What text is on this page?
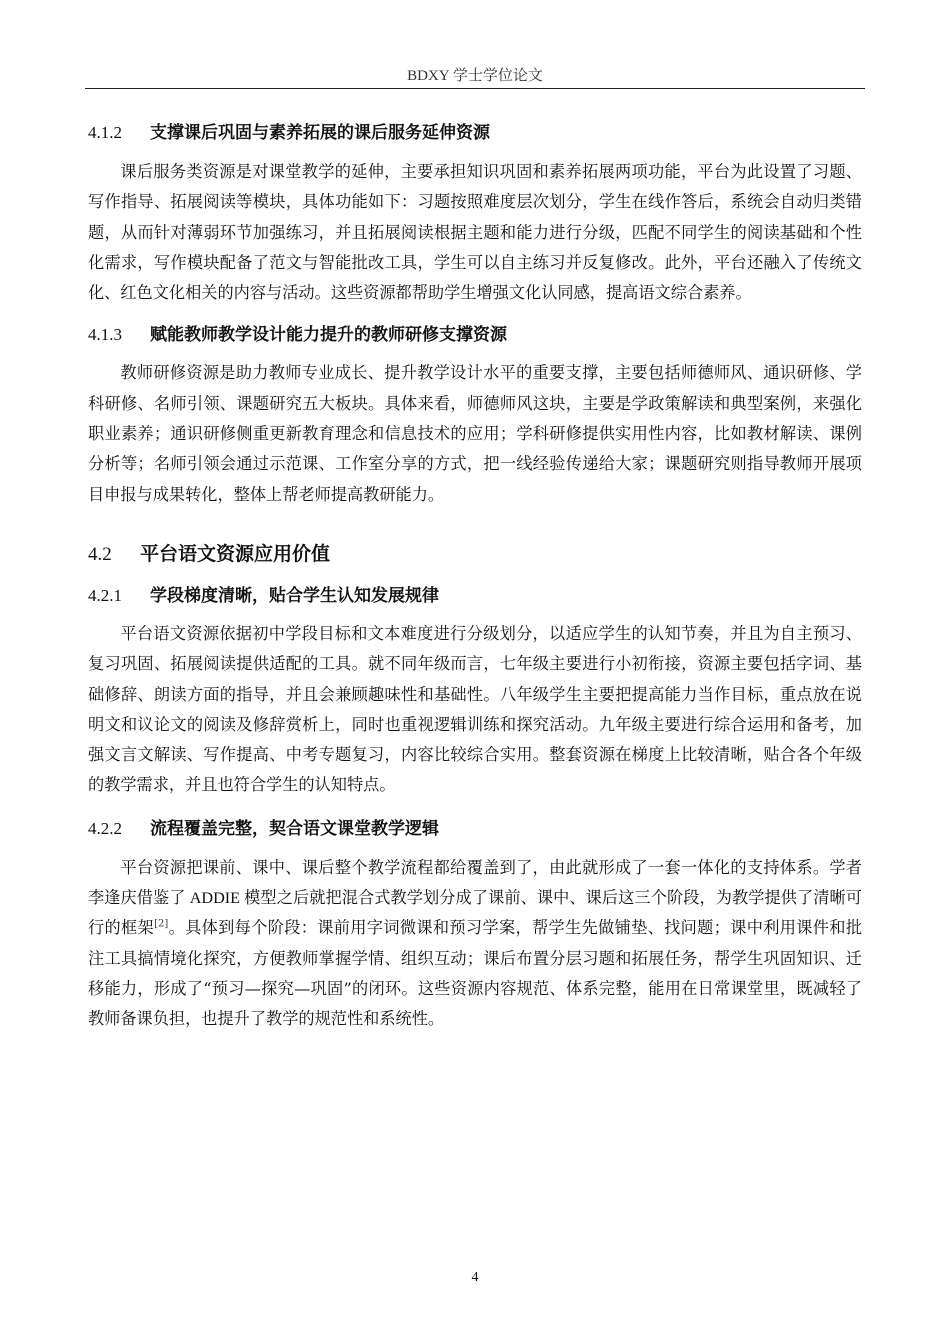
BDXY 学士学位论文
4.1.2 支撑课后巩固与素养拓展的课后服务延伸资源

课后服务类资源是对课堂教学的延伸，主要承担知识巩固和素养拓展两项功能，平台为此设置了习题、写作指导、拓展阅读等模块，具体功能如下：习题按照难度层次划分，学生在线作答后，系统会自动归类错题，从而针对薄弱环节加强练习，并且拓展阅读根据主题和能力进行分级，匹配不同学生的阅读基础和个性化需求，写作模块配备了范文与智能批改工具，学生可以自主练习并反复修改。此外，平台还融入了传统文化、红色文化相关的内容与活动。这些资源都帮助学生增强文化认同感，提高语文综合素养。

4.1.3 赋能教师教学设计能力提升的教师研修支撑资源

教师研修资源是助力教师专业成长、提升教学设计水平的重要支撑，主要包括师德师风、通识研修、学科研修、名师引领、课题研究五大板块。具体来看，师德师风这块，主要是学政策解读和典型案例，来强化职业素养；通识研修侧重更新教育理念和信息技术的应用；学科研修提供实用性内容，比如教材解读、课例分析等；名师引领会通过示范课、工作室分享的方式，把一线经验传递给大家；课题研究则指导教师开展项目申报与成果转化，整体上帮老师提高教研能力。

4.2 平台语文资源应用价值
4.2.1 学段梯度清晰，贴合学生认知发展规律

平台语文资源依据初中学段目标和文本难度进行分级划分，以适应学生的认知节奏，并且为自主预习、复习巩固、拓展阅读提供适配的工具。就不同年级而言，七年级主要进行小初衔接，资源主要包括字词、基础修辞、朗读方面的指导，并且会兼顾趣味性和基础性。八年级学生主要把提高能力当作目标，重点放在说明文和议论文的阅读及修辞赏析上，同时也重视逻辑训练和探究活动。九年级主要进行综合运用和备考，加强文言文解读、写作提高、中考专题复习，内容比较综合实用。整套资源在梯度上比较清晰，贴合各个年级的教学需求，并且也符合学生的认知特点。

4.2.2 流程覆盖完整，契合语文课堂教学逻辑

平台资源把课前、课中、课后整个教学流程都给覆盖到了，由此就形成了一套一体化的支持体系。学者李逢庆借鉴了 ADDIE 模型之后就把混合式教学划分成了课前、课中、课后这三个阶段，为教学提供了清晰可行的框架[2]。具体到每个阶段：课前用字词微课和预习学案，帮学生先做铺垫、找问题；课中利用课件和批注工具搞情境化探究，方便教师掌握学情、组织互动；课后布置分层习题和拓展任务，帮学生巩固知识、迁移能力，形成了“预习—探究—巩固”的闭环。这些资源内容规范、体系完整，能用在日常课堂里，既减轻了教师备课负担，也提升了教学的规范性和系统性。

4
